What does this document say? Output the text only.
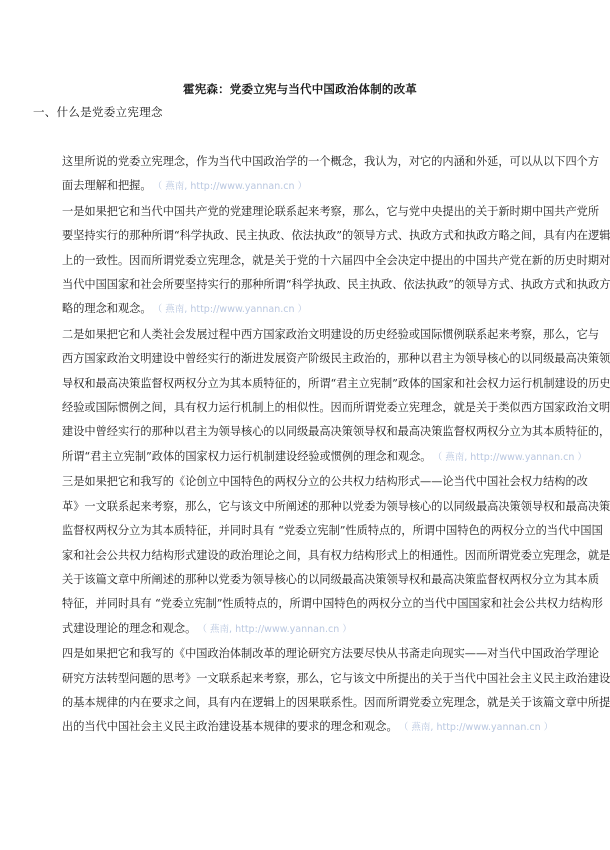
霍宪森：党委立宪与当代中国政治体制的改革
一、什么是党委立宪理念

这里所说的党委立宪理念，作为当代中国政治学的一个概念，我认为，对它的内涵和外延，可以从以下四个方
面去理解和把握。 （ 燕南, http://www.yannan.cn ）

一是如果把它和当代中国共产党的党建理论联系起来考察，那么，它与党中央提出的关于新时期中国共产党所
要坚持实行的那种所谓“科学执政、民主执政、依法执政”的领导方式、执政方式和执政方略之间，具有内在逻辑
上的一致性。因而所谓党委立宪理念，就是关于党的十六届四中全会决定中提出的中国共产党在新的历史时期对
当代中国国家和社会所要坚持实行的那种所谓“科学执政、民主执政、依法执政”的领导方式、执政方式和执政方
略的理念和观念。 （ 燕南, http://www.yannan.cn ）

二是如果把它和人类社会发展过程中西方国家政治文明建设的历史经验或国际惯例联系起来考察，那么，它与
西方国家政治文明建设中曾经实行的渐进发展资产阶级民主政治的，那种以君主为领导核心的以同级最高决策领
导权和最高决策监督权两权分立为其本质特征的，所谓“君主立宪制”政体的国家和社会权力运行机制建设的历史
经验或国际惯例之间，具有权力运行机制上的相似性。因而所谓党委立宪理念，就是关于类似西方国家政治文明
建设中曾经实行的那种以君主为领导核心的以同级最高决策领导权和最高决策监督权两权分立为其本质特征的，
所谓“君主立宪制”政体的国家权力运行机制建设经验或惯例的理念和观念。 （ 燕南, http://www.yannan.cn ）

三是如果把它和我写的《论创立中国特色的两权分立的公共权力结构形式——论当代中国社会权力结构的改
革》一文联系起来考察，那么，它与该文中所阐述的那种以党委为领导核心的以同级最高决策领导权和最高决策
监督权两权分立为其本质特征，并同时具有 “党委立宪制”性质特点的，所谓中国特色的两权分立的当代中国国
家和社会公共权力结构形式建设的政治理论之间，具有权力结构形式上的相通性。因而所谓党委立宪理念，就是
关于该篇文章中所阐述的那种以党委为领导核心的以同级最高决策领导权和最高决策监督权两权分立为其本质
特征，并同时具有 “党委立宪制”性质特点的，所谓中国特色的两权分立的当代中国国家和社会公共权力结构形
式建设理论的理念和观念。 （ 燕南, http://www.yannan.cn ）

四是如果把它和我写的《中国政治体制改革的理论研究方法要尽快从书斋走向现实——对当代中国政治学理论
研究方法转型问题的思考》一文联系起来考察，那么，它与该文中所提出的关于当代中国社会主义民主政治建设
的基本规律的内在要求之间，具有内在逻辑上的因果联系性。因而所谓党委立宪理念，就是关于该篇文章中所提
出的当代中国社会主义民主政治建设基本规律的要求的理念和观念。 （ 燕南, http://www.yannan.cn ）
